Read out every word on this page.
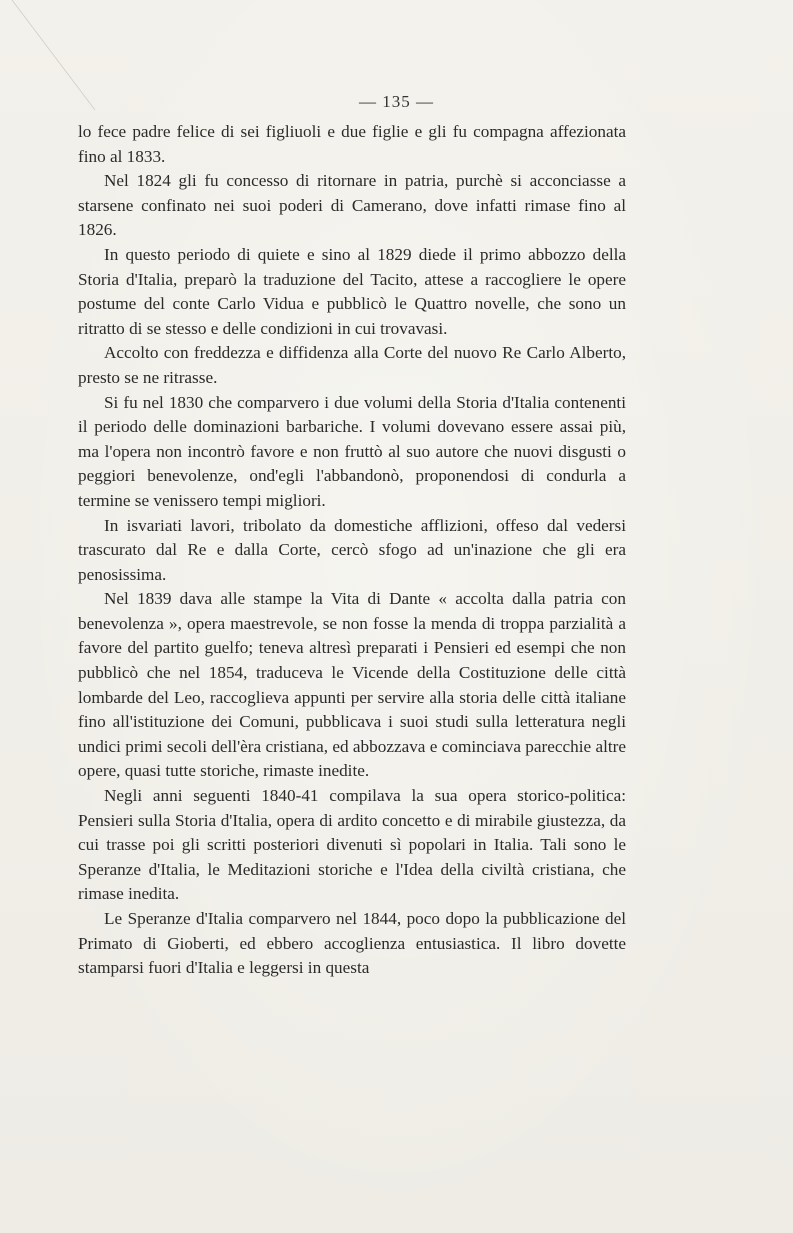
— 135 —

lo fece padre felice di sei figliuoli e due figlie e gli fu compagna affezionata fino al 1833.

Nel 1824 gli fu concesso di ritornare in patria, purchè si acconciasse a starsene confinato nei suoi poderi di Camerano, dove infatti rimase fino al 1826.

In questo periodo di quiete e sino al 1829 diede il primo abbozzo della Storia d'Italia, preparò la traduzione del Tacito, attese a raccogliere le opere postume del conte Carlo Vidua e pubblicò le Quattro novelle, che sono un ritratto di se stesso e delle condizioni in cui trovavasi.

Accolto con freddezza e diffidenza alla Corte del nuovo Re Carlo Alberto, presto se ne ritrasse.

Si fu nel 1830 che comparvero i due volumi della Storia d'Italia contenenti il periodo delle dominazioni barbariche. I volumi dovevano essere assai più, ma l'opera non incontrò favore e non fruttò al suo autore che nuovi disgusti o peggiori benevolenze, ond'egli l'abbandonò, proponendosi di condurla a termine se venissero tempi migliori.

In isvariati lavori, tribolato da domestiche afflizioni, offeso dal vedersi trascurato dal Re e dalla Corte, cercò sfogo ad un'inazione che gli era penosissima.

Nel 1839 dava alle stampe la Vita di Dante « accolta dalla patria con benevolenza », opera maestrevole, se non fosse la menda di troppa parzialità a favore del partito guelfo; teneva altresì preparati i Pensieri ed esempi che non pubblicò che nel 1854, traduceva le Vicende della Costituzione delle città lombarde del Leo, raccoglieva appunti per servire alla storia delle città italiane fino all'istituzione dei Comuni, pubblicava i suoi studi sulla letteratura negli undici primi secoli dell'èra cristiana, ed abbozzava e cominciava parecchie altre opere, quasi tutte storiche, rimaste inedite.

Negli anni seguenti 1840-41 compilava la sua opera storico-politica: Pensieri sulla Storia d'Italia, opera di ardito concetto e di mirabile giustezza, da cui trasse poi gli scritti posteriori divenuti sì popolari in Italia. Tali sono le Speranze d'Italia, le Meditazioni storiche e l'Idea della civiltà cristiana, che rimase inedita.

Le Speranze d'Italia comparvero nel 1844, poco dopo la pubblicazione del Primato di Gioberti, ed ebbero accoglienza entusiastica. Il libro dovette stamparsi fuori d'Italia e leggersi in questa
